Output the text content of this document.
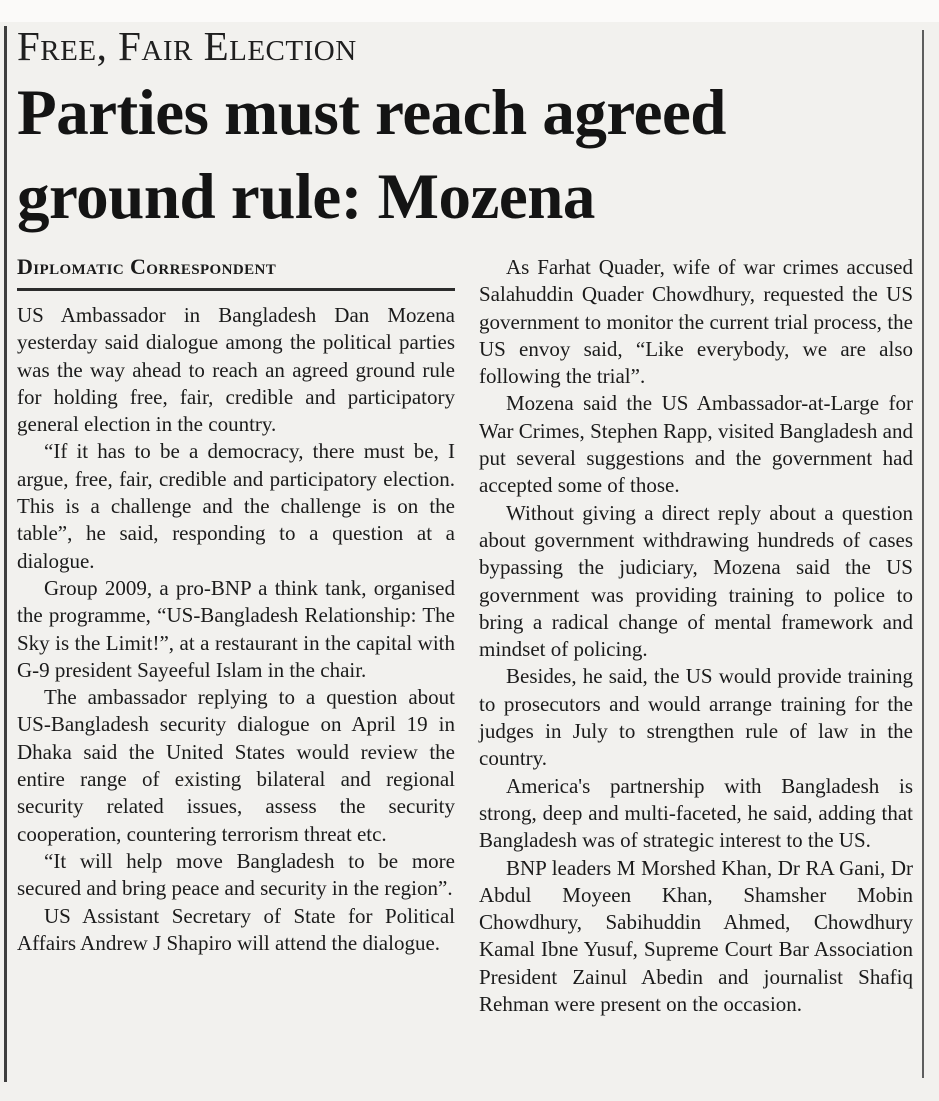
Free, Fair Election
Parties must reach agreed ground rule: Mozena
Diplomatic Correspondent

US Ambassador in Bangladesh Dan Mozena yesterday said dialogue among the political parties was the way ahead to reach an agreed ground rule for holding free, fair, credible and participatory general election in the country.

“If it has to be a democracy, there must be, I argue, free, fair, credible and participatory election. This is a challenge and the challenge is on the table”, he said, responding to a question at a dialogue.

Group 2009, a pro-BNP a think tank, organised the programme, “US-Bangladesh Relationship: The Sky is the Limit!”, at a restaurant in the capital with G-9 president Sayeeful Islam in the chair.

The ambassador replying to a question about US-Bangladesh security dialogue on April 19 in Dhaka said the United States would review the entire range of existing bilateral and regional security related issues, assess the security cooperation, countering terrorism threat etc.

“It will help move Bangladesh to be more secured and bring peace and security in the region”.

US Assistant Secretary of State for Political Affairs Andrew J Shapiro will attend the dialogue.

As Farhat Quader, wife of war crimes accused Salahuddin Quader Chowdhury, requested the US government to monitor the current trial process, the US envoy said, “Like everybody, we are also following the trial”.

Mozena said the US Ambassador-at-Large for War Crimes, Stephen Rapp, visited Bangladesh and put several suggestions and the government had accepted some of those.

Without giving a direct reply about a question about government withdrawing hundreds of cases bypassing the judiciary, Mozena said the US government was providing training to police to bring a radical change of mental framework and mindset of policing.

Besides, he said, the US would provide training to prosecutors and would arrange training for the judges in July to strengthen rule of law in the country.

America's partnership with Bangladesh is strong, deep and multi-faceted, he said, adding that Bangladesh was of strategic interest to the US.

BNP leaders M Morshed Khan, Dr RA Gani, Dr Abdul Moyeen Khan, Shamsher Mobin Chowdhury, Sabihuddin Ahmed, Chowdhury Kamal Ibne Yusuf, Supreme Court Bar Association President Zainul Abedin and journalist Shafiq Rehman were present on the occasion.
